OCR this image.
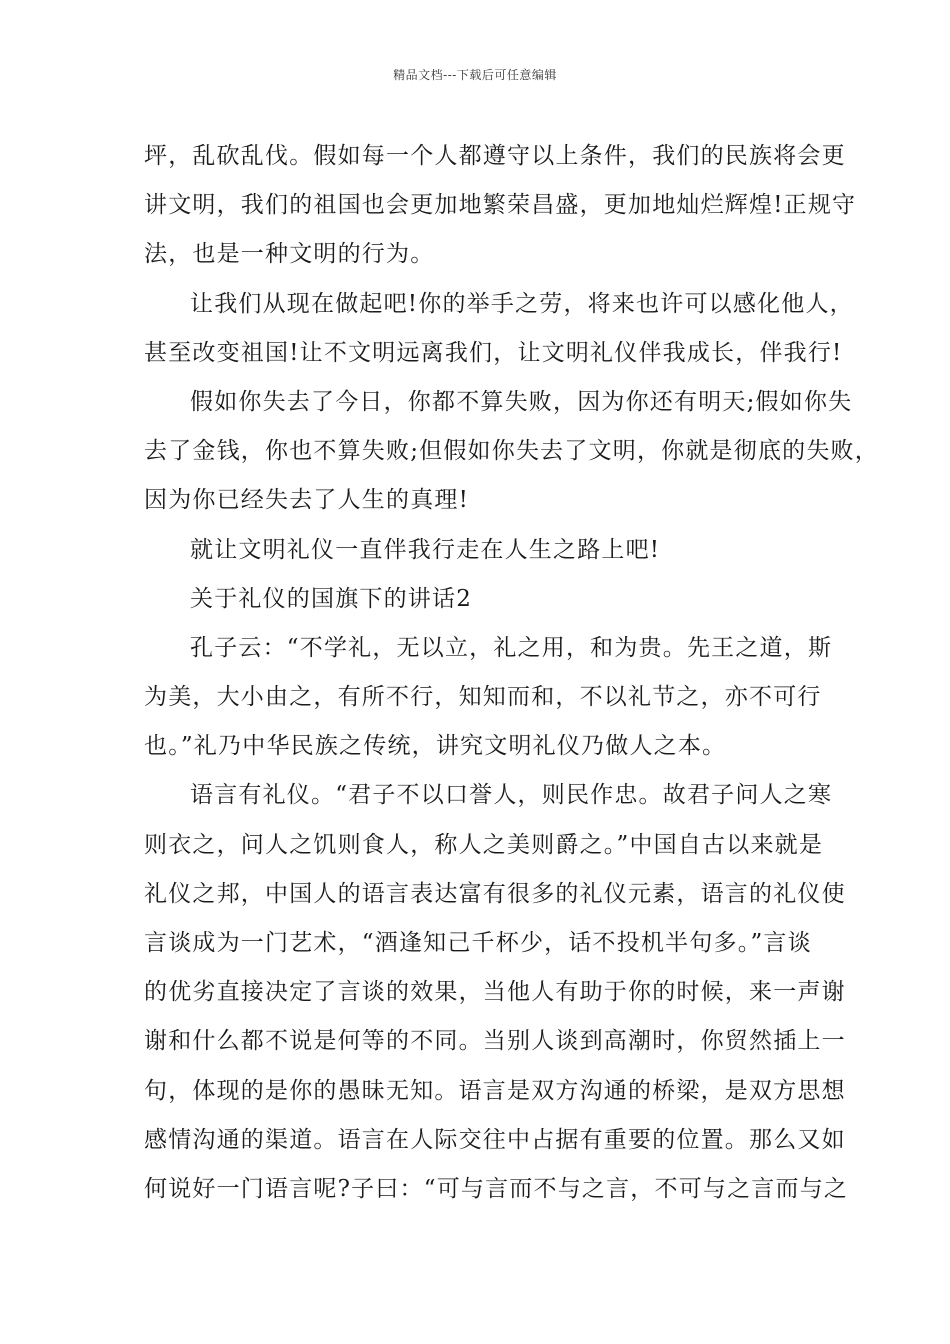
精品文档---下载后可任意编辑
坪，乱砍乱伐。假如每一个人都遵守以上条件，我们的民族将会更
讲文明，我们的祖国也会更加地繁荣昌盛，更加地灿烂辉煌!正规守
法，也是一种文明的行为。
让我们从现在做起吧!你的举手之劳，将来也许可以感化他人，
甚至改变祖国!让不文明远离我们，让文明礼仪伴我成长，伴我行!
假如你失去了今日，你都不算失败，因为你还有明天;假如你失
去了金钱，你也不算失败;但假如你失去了文明，你就是彻底的失败，
因为你已经失去了人生的真理!
就让文明礼仪一直伴我行走在人生之路上吧!
关于礼仪的国旗下的讲话2
孔子云：“不学礼，无以立，礼之用，和为贵。先王之道，斯
为美，大小由之，有所不行，知知而和，不以礼节之，亦不可行
也。”礼乃中华民族之传统，讲究文明礼仪乃做人之本。
语言有礼仪。“君子不以口誉人，则民作忠。故君子问人之寒
则衣之，问人之饥则食人，称人之美则爵之。”中国自古以来就是
礼仪之邦，中国人的语言表达富有很多的礼仪元素，语言的礼仪使
言谈成为一门艺术，“酒逢知己千杯少，话不投机半句多。”言谈
的优劣直接决定了言谈的效果，当他人有助于你的时候，来一声谢
谢和什么都不说是何等的不同。当别人谈到高潮时，你贸然插上一
句，体现的是你的愚昧无知。语言是双方沟通的桥梁，是双方思想
感情沟通的渠道。语言在人际交往中占据有重要的位置。那么又如
何说好一门语言呢?子曰：“可与言而不与之言，不可与之言而与之
